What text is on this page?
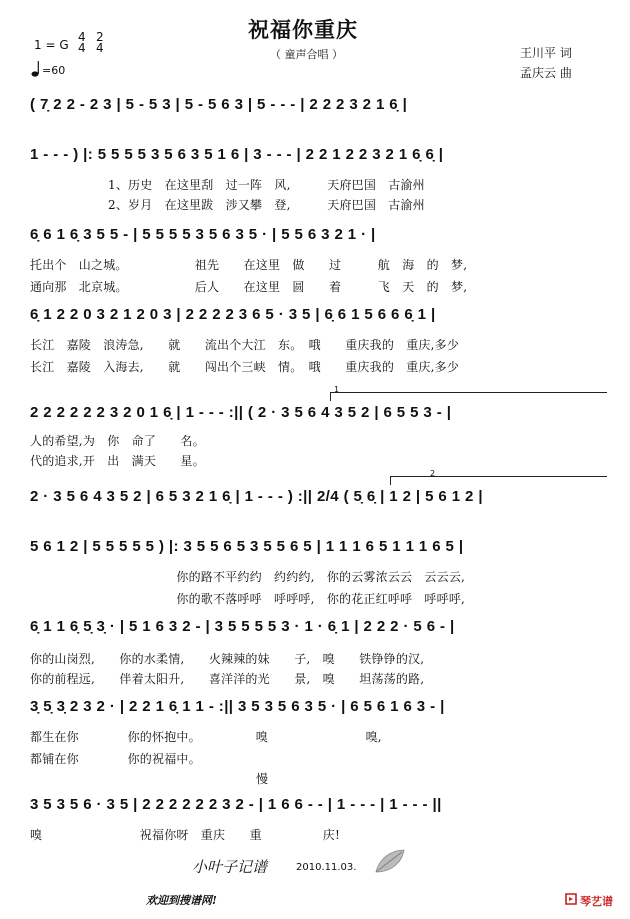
祝福你重庆
（ 童声合唱 ）
1 = G
4
4
2
4
=60
王川平 词
孟庆云 曲
( 7̣ 2 2 - 2 3 | 5 - 5 3 | 5 - 5 6 3 | 5 - - - | 2 2 2 3 2 1 6̣ |
1 - - - ) |: 5 5 5 5 3 5 6 3 5 1 6 | 3 - - - | 2 2 1 2 2 3 2 1 6̣ 6̣ |
1、历史　在这里刮　过一阵　风,　　　天府巴国　古渝州
2、岁月　在这里跋　涉又攀　登,　　　天府巴国　古渝州
6̣ 6 1 6̣ 3 5 5 - | 5 5 5 5 3 5 6 3 5 · | 5 5 6 3 2 1 · |
托出个　山之城。　　　　　　祖先　　在这里　做　　过　　　航　海　的　梦,
通向那　北京城。　　　　　　后人　　在这里　圆　　着　　　飞　天　的　梦,
6̣ 1 2 2 0 3 2 1 2 0 3 | 2 2 2 2 3 6 5 · 3 5 | 6̣ 6 1 5 6 6 6̣ 1 |
长江　嘉陵　浪涛急,　　就　　流出个大江　东。　哦　　重庆我的　重庆,多少
长江　嘉陵　入海去,　　就　　闯出个三峡　情。　哦　　重庆我的　重庆,多少
1
2 2 2 2 2 2 3 2 0 1 6̣ | 1 - - - :|| ( 2 · 3 5 6 4 3 5 2 | 6 5 5 3 - |
人的希望,为　你　命了　　名。
代的追求,开　出　满天　　星。
2
2 · 3 5 6 4 3 5 2 | 6 5 3 2 1 6̣ | 1 - - - ) :|| 2/4 ( 5̣ 6̣ | 1 2 | 5 6 1 2 |
5 6 1 2 | 5 5 5 5 5 ) |: 3 5 5 6 5 3 5 5 6 5 | 1 1 1 6 5 1 1 1 6 5 |
　　　　　　　　　　　　你的路不平约约　约约约,　你的云雾浓云云　云云云,
　　　　　　　　　　　　你的歌不落呼呼　呼呼呼,　你的花正红呼呼　呼呼呼,
6̣ 1 1 6̣ 5̣ 3̣ · | 5 1 6 3 2 - | 3 5 5 5 5 3 · 1 · 6̣ 1 | 2 2 2 · 5 6 - |
你的山岗烈,　　你的水柔情,　　火辣辣的妹　　子,　嗅　　铁铮铮的汉,
你的前程远,　　伴着太阳升,　　喜洋洋的光　　景,　嗅　　坦荡荡的路,
3̣ 5̣ 3̣ 2 3 2 · | 2 2 1 6̣ 1 1 - :|| 3 5 3 5 6 3 5 · | 6 5 6 1 6 3 - |
都生在你　　　　你的怀抱中。　　　　　嗅　　　　　　　　嗅,
都铺在你　　　　你的祝福中。
慢
3 5 3 5 6 · 3 5 | 2 2 2 2 2 2 3 2 - | 1 6 6 - - | 1 - - - | 1 - - - ||
嗅　　　　　　　　祝福你呀　重庆　　重　　　　　庆!
小叶子记谱	2010.11.03.
欢迎到搜谱网!	琴艺谱
